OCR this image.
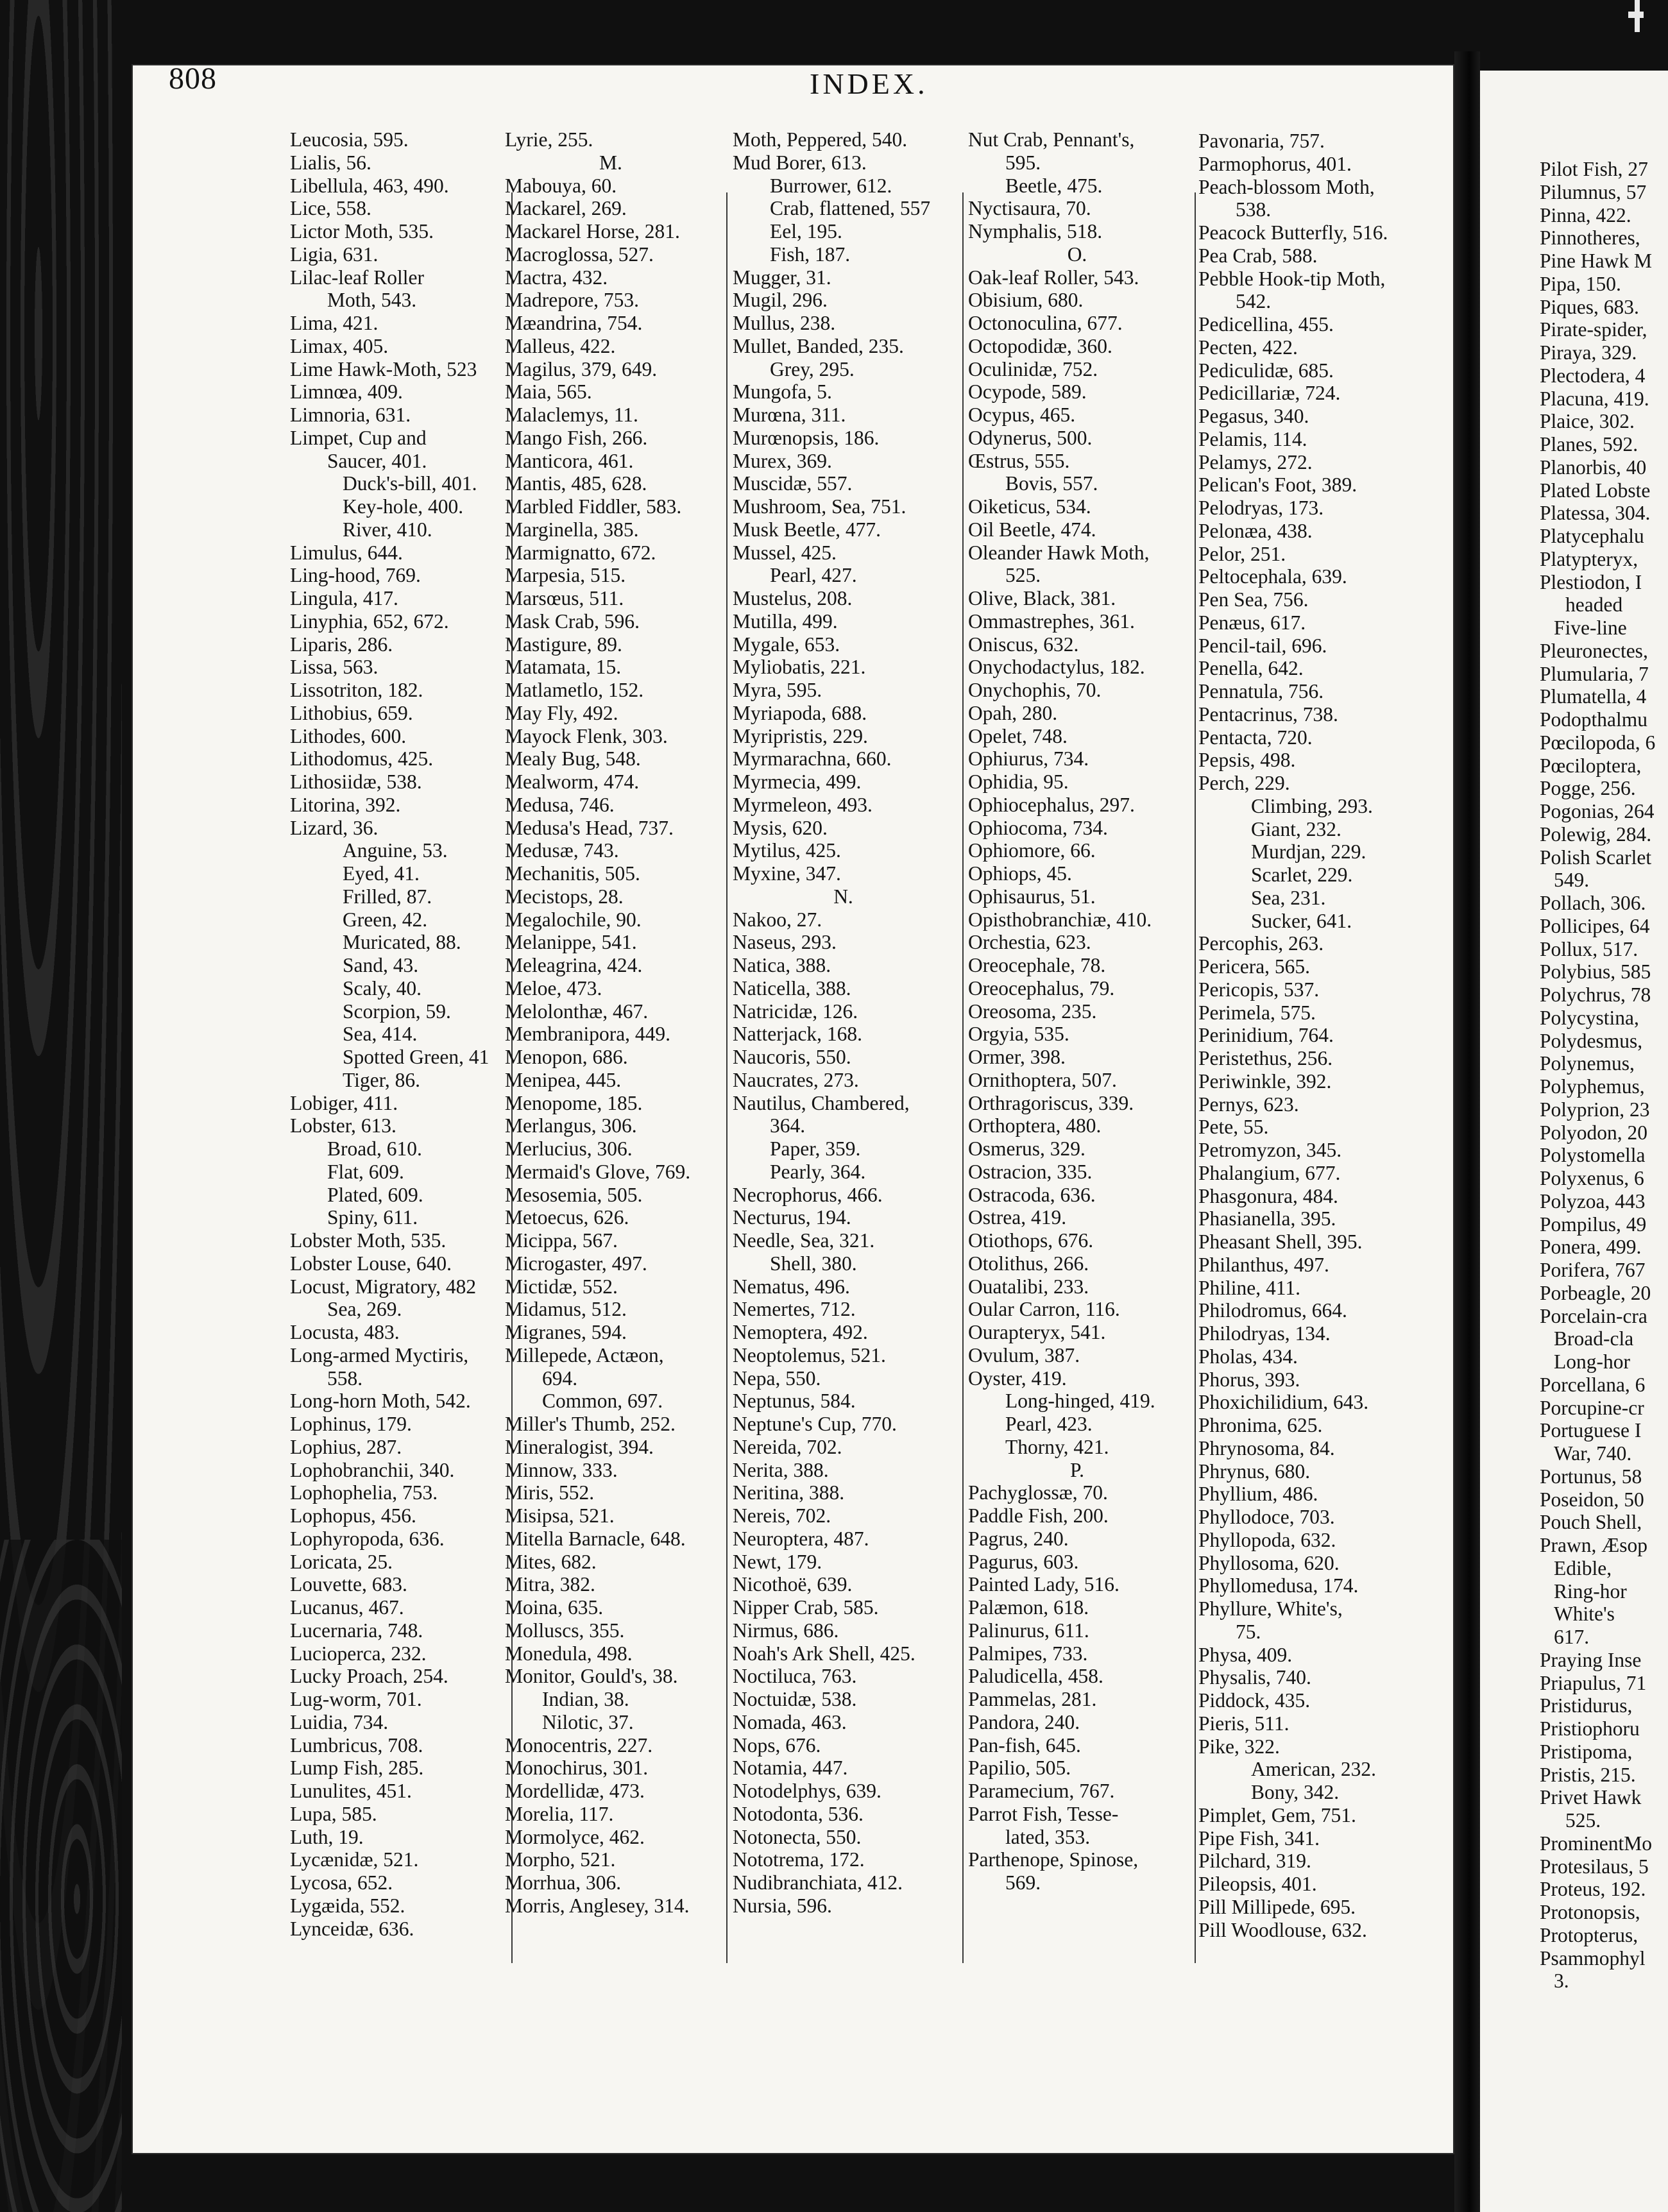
808	INDEX.
Leucosia, 595.
Lialis, 56.
Libellula, 463, 490.
Lice, 558.
Lictor Moth, 535.
Ligia, 631.
Lilac-leaf Roller
Moth, 543.
Lima, 421.
Limax, 405.
Lime Hawk-Moth, 523
Limnœa, 409.
Limnoria, 631.
Limpet, Cup and
Saucer, 401.
Duck's-bill, 401.
Key-hole, 400.
River, 410.
Limulus, 644.
Ling-hood, 769.
Lingula, 417.
Linyphia, 652, 672.
Liparis, 286.
Lissa, 563.
Lissotriton, 182.
Lithobius, 659.
Lithodes, 600.
Lithodomus, 425.
Lithosiidæ, 538.
Litorina, 392.
Lizard, 36.
Anguine, 53.
Eyed, 41.
Frilled, 87.
Green, 42.
Muricated, 88.
Sand, 43.
Scaly, 40.
Scorpion, 59.
Sea, 414.
Spotted Green, 41
Tiger, 86.
Lobiger, 411.
Lobster, 613.
Broad, 610.
Flat, 609.
Plated, 609.
Spiny, 611.
Lobster Moth, 535.
Lobster Louse, 640.
Locust, Migratory, 482
Sea, 269.
Locusta, 483.
Long-armed Myctiris,
558.
Long-horn Moth, 542.
Lophinus, 179.
Lophius, 287.
Lophobranchii, 340.
Lophophelia, 753.
Lophopus, 456.
Lophyropoda, 636.
Loricata, 25.
Louvette, 683.
Lucanus, 467.
Lucernaria, 748.
Lucioperca, 232.
Lucky Proach, 254.
Lug-worm, 701.
Luidia, 734.
Lumbricus, 708.
Lump Fish, 285.
Lunulites, 451.
Lupa, 585.
Luth, 19.
Lycænidæ, 521.
Lycosa, 652.
Lygæida, 552.
Lynceidæ, 636.
Lyrie, 255.
M.
Mabouya, 60.
Mackarel, 269.
Mackarel Horse, 281.
Macroglossa, 527.
Mactra, 432.
Madrepore, 753.
Mæandrina, 754.
Malleus, 422.
Magilus, 379, 649.
Maia, 565.
Malaclemys, 11.
Mango Fish, 266.
Manticora, 461.
Mantis, 485, 628.
Marbled Fiddler, 583.
Marginella, 385.
Marmignatto, 672.
Marpesia, 515.
Marsœus, 511.
Mask Crab, 596.
Mastigure, 89.
Matamata, 15.
Matlametlo, 152.
May Fly, 492.
Mayock Flenk, 303.
Mealy Bug, 548.
Mealworm, 474.
Medusa, 746.
Medusa's Head, 737.
Medusæ, 743.
Mechanitis, 505.
Mecistops, 28.
Megalochile, 90.
Melanippe, 541.
Meleagrina, 424.
Meloe, 473.
Melolonthæ, 467.
Membranipora, 449.
Menopon, 686.
Menipea, 445.
Menopome, 185.
Merlangus, 306.
Merlucius, 306.
Mermaid's Glove, 769.
Mesosemia, 505.
Metoecus, 626.
Micippa, 567.
Microgaster, 497.
Mictidæ, 552.
Midamus, 512.
Migranes, 594.
Millepede, Actæon,
694.
Common, 697.
Miller's Thumb, 252.
Mineralogist, 394.
Minnow, 333.
Miris, 552.
Misipsa, 521.
Mitella Barnacle, 648.
Mites, 682.
Mitra, 382.
Moina, 635.
Molluscs, 355.
Monedula, 498.
Monitor, Gould's, 38.
Indian, 38.
Nilotic, 37.
Monocentris, 227.
Monochirus, 301.
Mordellidæ, 473.
Morelia, 117.
Mormolyce, 462.
Morpho, 521.
Morrhua, 306.
Morris, Anglesey, 314.
Moth, Peppered, 540.
Mud Borer, 613.
Burrower, 612.
Crab, flattened, 557
Eel, 195.
Fish, 187.
Mugger, 31.
Mugil, 296.
Mullus, 238.
Mullet, Banded, 235.
Grey, 295.
Mungofa, 5.
Murœna, 311.
Murœnopsis, 186.
Murex, 369.
Muscidæ, 557.
Mushroom, Sea, 751.
Musk Beetle, 477.
Mussel, 425.
Pearl, 427.
Mustelus, 208.
Mutilla, 499.
Mygale, 653.
Myliobatis, 221.
Myra, 595.
Myriapoda, 688.
Myripristis, 229.
Myrmarachna, 660.
Myrmecia, 499.
Myrmeleon, 493.
Mysis, 620.
Mytilus, 425.
Myxine, 347.
N.
Nakoo, 27.
Naseus, 293.
Natica, 388.
Naticella, 388.
Natricidæ, 126.
Natterjack, 168.
Naucoris, 550.
Naucrates, 273.
Nautilus, Chambered,
364.
Paper, 359.
Pearly, 364.
Necrophorus, 466.
Necturus, 194.
Needle, Sea, 321.
Shell, 380.
Nematus, 496.
Nemertes, 712.
Nemoptera, 492.
Neoptolemus, 521.
Nepa, 550.
Neptunus, 584.
Neptune's Cup, 770.
Nereida, 702.
Nerita, 388.
Neritina, 388.
Nereis, 702.
Neuroptera, 487.
Newt, 179.
Nicothoë, 639.
Nipper Crab, 585.
Nirmus, 686.
Noah's Ark Shell, 425.
Noctiluca, 763.
Noctuidæ, 538.
Nomada, 463.
Nops, 676.
Notamia, 447.
Notodelphys, 639.
Notodonta, 536.
Notonecta, 550.
Nototrema, 172.
Nudibranchiata, 412.
Nursia, 596.
Nut Crab, Pennant's,
595.
Beetle, 475.
Nyctisaura, 70.
Nymphalis, 518.
O.
Oak-leaf Roller, 543.
Obisium, 680.
Octonoculina, 677.
Octopodidæ, 360.
Oculinidæ, 752.
Ocypode, 589.
Ocypus, 465.
Odynerus, 500.
Œstrus, 555.
Bovis, 557.
Oiketicus, 534.
Oil Beetle, 474.
Oleander Hawk Moth,
525.
Olive, Black, 381.
Ommastrephes, 361.
Oniscus, 632.
Onychodactylus, 182.
Onychophis, 70.
Opah, 280.
Opelet, 748.
Ophiurus, 734.
Ophidia, 95.
Ophiocephalus, 297.
Ophiocoma, 734.
Ophiomore, 66.
Ophiops, 45.
Ophisaurus, 51.
Opisthobranchiæ, 410.
Orchestia, 623.
Oreocephale, 78.
Oreocephalus, 79.
Oreosoma, 235.
Orgyia, 535.
Ormer, 398.
Ornithoptera, 507.
Orthragoriscus, 339.
Orthoptera, 480.
Osmerus, 329.
Ostracion, 335.
Ostracoda, 636.
Ostrea, 419.
Otiothops, 676.
Otolithus, 266.
Ouatalibi, 233.
Oular Carron, 116.
Ourapteryx, 541.
Ovulum, 387.
Oyster, 419.
Long-hinged, 419.
Pearl, 423.
Thorny, 421.
P.
Pachyglossæ, 70.
Paddle Fish, 200.
Pagrus, 240.
Pagurus, 603.
Painted Lady, 516.
Palæmon, 618.
Palinurus, 611.
Palmipes, 733.
Paludicella, 458.
Pammelas, 281.
Pandora, 240.
Pan-fish, 645.
Papilio, 505.
Paramecium, 767.
Parrot Fish, Tesse-
lated, 353.
Parthenope, Spinose,
569.
Pavonaria, 757.
Parmophorus, 401.
Peach-blossom Moth,
538.
Peacock Butterfly, 516.
Pea Crab, 588.
Pebble Hook-tip Moth,
542.
Pedicellina, 455.
Pecten, 422.
Pediculidæ, 685.
Pedicillariæ, 724.
Pegasus, 340.
Pelamis, 114.
Pelamys, 272.
Pelican's Foot, 389.
Pelodryas, 173.
Pelonæa, 438.
Pelor, 251.
Peltocephala, 639.
Pen Sea, 756.
Penæus, 617.
Pencil-tail, 696.
Penella, 642.
Pennatula, 756.
Pentacrinus, 738.
Pentacta, 720.
Pepsis, 498.
Perch, 229.
Climbing, 293.
Giant, 232.
Murdjan, 229.
Scarlet, 229.
Sea, 231.
Sucker, 641.
Percophis, 263.
Pericera, 565.
Pericopis, 537.
Perimela, 575.
Perinidium, 764.
Peristethus, 256.
Periwinkle, 392.
Pernys, 623.
Pete, 55.
Petromyzon, 345.
Phalangium, 677.
Phasgonura, 484.
Phasianella, 395.
Pheasant Shell, 395.
Philanthus, 497.
Philine, 411.
Philodromus, 664.
Philodryas, 134.
Pholas, 434.
Phorus, 393.
Phoxichilidium, 643.
Phronima, 625.
Phrynosoma, 84.
Phrynus, 680.
Phyllium, 486.
Phyllodoce, 703.
Phyllopoda, 632.
Phyllosoma, 620.
Phyllomedusa, 174.
Phyllure, White's,
75.
Physa, 409.
Physalis, 740.
Piddock, 435.
Pieris, 511.
Pike, 322.
American, 232.
Bony, 342.
Pimplet, Gem, 751.
Pipe Fish, 341.
Pilchard, 319.
Pileopsis, 401.
Pill Millipede, 695.
Pill Woodlouse, 632.
Pilot Fish, 27
Pilumnus, 57
Pinna, 422.
Pinnotheres,
Pine Hawk M
Pipa, 150.
Piques, 683.
Pirate-spider,
Piraya, 329.
Plectodera, 4
Placuna, 419.
Plaice, 302.
Planes, 592.
Planorbis, 40
Plated Lobste
Platessa, 304.
Platycephalu
Platypteryx,
Plestiodon, I
headed
Five-line
Pleuronectes,
Plumularia, 7
Plumatella, 4
Podopthalmu
Pœcilopoda, 6
Pœciloptera,
Pogge, 256.
Pogonias, 264
Polewig, 284.
Polish Scarlet
549.
Pollach, 306.
Pollicipes, 64
Pollux, 517.
Polybius, 585
Polychrus, 78
Polycystina,
Polydesmus,
Polynemus,
Polyphemus,
Polyprion, 23
Polyodon, 20
Polystomella
Polyxenus, 6
Polyzoa, 443
Pompilus, 49
Ponera, 499.
Porifera, 767
Porbeagle, 20
Porcelain-cra
Broad-cla
Long-hor
Porcellana, 6
Porcupine-cr
Portuguese I
War, 740.
Portunus, 58
Poseidon, 50
Pouch Shell,
Prawn, Æsop
Edible,
Ring-hor
White's
617.
Praying Inse
Priapulus, 71
Pristidurus,
Pristiophoru
Pristipoma,
Pristis, 215.
Privet Hawk
525.
ProminentMo
Protesilaus, 5
Proteus, 192.
Protonopsis,
Protopterus,
Psammophyl
3.
